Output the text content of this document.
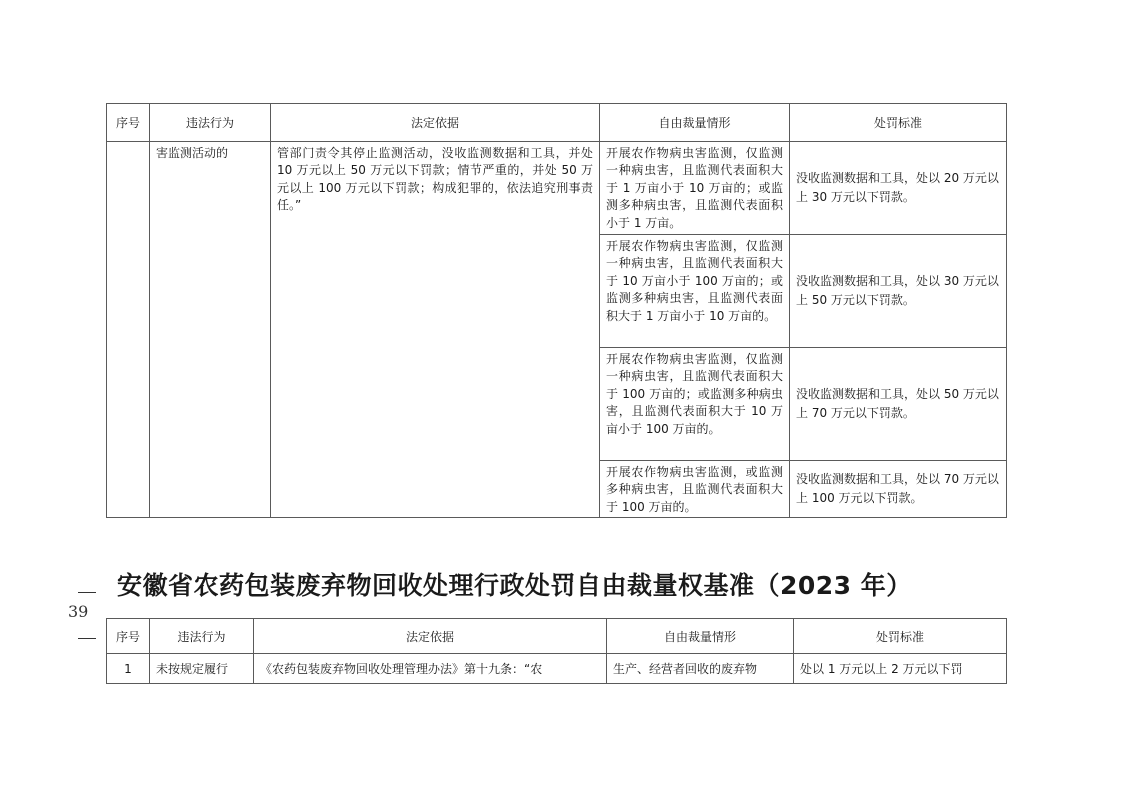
序号	违法行为	法定依据	自由裁量情形	处罚标准
	害监测活动的	管部门责令其停止监测活动，没收监测数据和工具，并处 10 万元以上 50 万元以下罚款；情节严重的，并处 50 万元以上 100 万元以下罚款；构成犯罪的，依法追究刑事责任。”	开展农作物病虫害监测，仅监测一种病虫害，且监测代表面积大于 1 万亩小于 10 万亩的；或监测多种病虫害，且监测代表面积小于 1 万亩。	没收监测数据和工具，处以 20 万元以上 30 万元以下罚款。
			开展农作物病虫害监测，仅监测一种病虫害，且监测代表面积大于 10 万亩小于 100 万亩的；或监测多种病虫害，且监测代表面积大于 1 万亩小于 10 万亩的。	没收监测数据和工具，处以 30 万元以上 50 万元以下罚款。
			开展农作物病虫害监测，仅监测一种病虫害，且监测代表面积大于 100 万亩的；或监测多种病虫害，且监测代表面积大于 10 万亩小于 100 万亩的。	没收监测数据和工具，处以 50 万元以上 70 万元以下罚款。
			开展农作物病虫害监测，或监测多种病虫害，且监测代表面积大于 100 万亩的。	没收监测数据和工具，处以 70 万元以上 100 万元以下罚款。
39
安徽省农药包装废弃物回收处理行政处罚自由裁量权基准（2023 年）
序号	违法行为	法定依据	自由裁量情形	处罚标准
1	未按规定履行	《农药包装废弃物回收处理管理办法》第十九条：“农	生产、经营者回收的废弃物	处以 1 万元以上 2 万元以下罚
